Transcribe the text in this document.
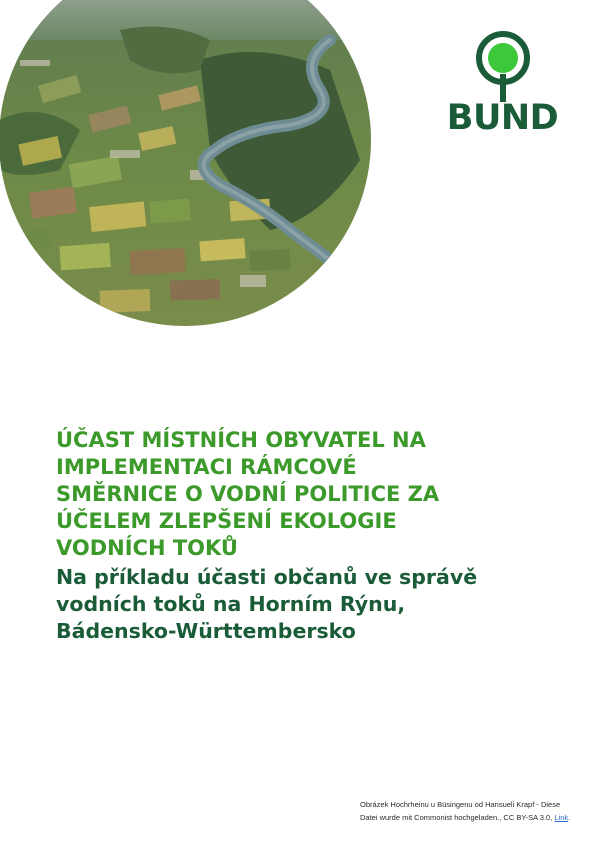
BUND
ÚČAST MÍSTNÍCH OBYVATEL NA
IMPLEMENTACI RÁMCOVÉ
SMĚRNICE O VODNÍ POLITICE ZA
ÚČELEM ZLEPŠENÍ EKOLOGIE
VODNÍCH TOKŮ
Na příkladu účasti občanů ve správě
vodních toků na Horním Rýnu,
Bádensko-Württembersko
Obrázek Hochrheinu u Büsingenu od Hansueli Krapf - Diese
Datei wurde mit Commonist hochgeladen., CC BY-SA 3.0, Link.
